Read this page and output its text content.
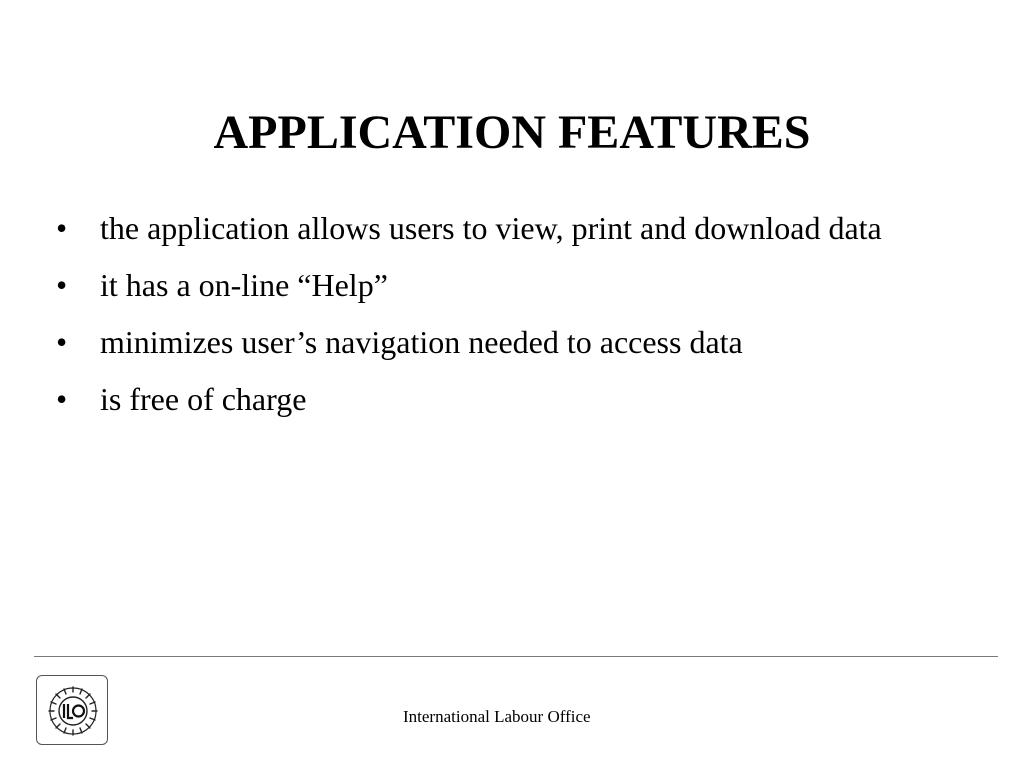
APPLICATION FEATURES
• the application allows users to view, print and download data
• it has a on-line “Help”
• minimizes user’s navigation needed to access data
• is free of charge
International Labour Office
